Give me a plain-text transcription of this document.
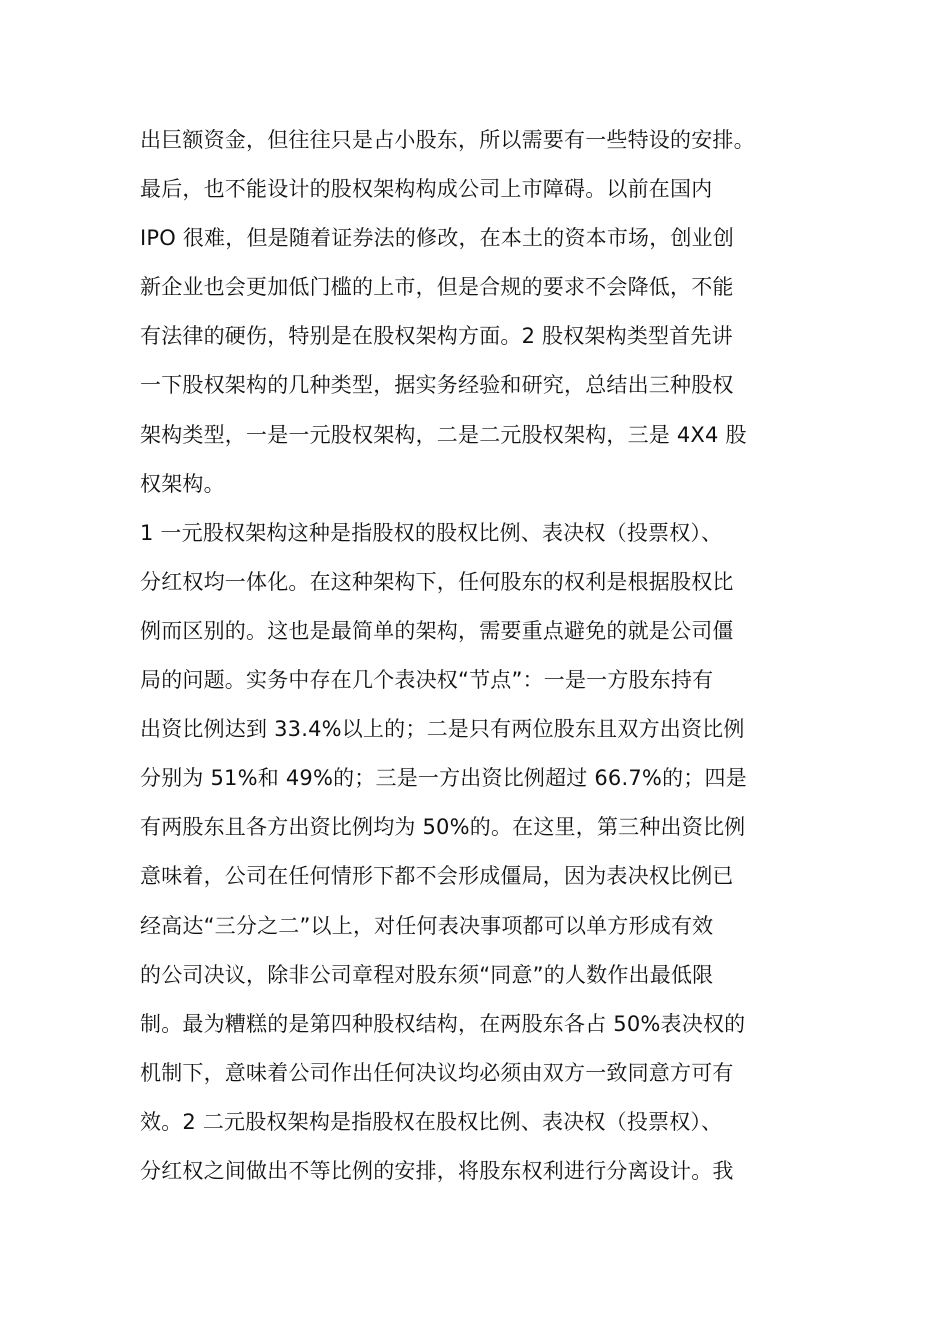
出巨额资金，但往往只是占小股东，所以需要有一些特设的安排。
最后，也不能设计的股权架构构成公司上市障碍。以前在国内
IPO 很难，但是随着证券法的修改，在本土的资本市场，创业创
新企业也会更加低门槛的上市，但是合规的要求不会降低，不能
有法律的硬伤，特别是在股权架构方面。2 股权架构类型首先讲
一下股权架构的几种类型，据实务经验和研究，总结出三种股权
架构类型，一是一元股权架构，二是二元股权架构，三是 4X4 股
权架构。
1 一元股权架构这种是指股权的股权比例、表决权（投票权）、
分红权均一体化。在这种架构下，任何股东的权利是根据股权比
例而区别的。这也是最简单的架构，需要重点避免的就是公司僵
局的问题。实务中存在几个表决权“节点”：一是一方股东持有
出资比例达到 33.4%以上的；二是只有两位股东且双方出资比例
分别为 51%和 49%的；三是一方出资比例超过 66.7%的；四是
有两股东且各方出资比例均为 50%的。在这里，第三种出资比例
意味着，公司在任何情形下都不会形成僵局，因为表决权比例已
经高达“三分之二”以上，对任何表决事项都可以单方形成有效
的公司决议，除非公司章程对股东须“同意”的人数作出最低限
制。最为糟糕的是第四种股权结构，在两股东各占 50%表决权的
机制下，意味着公司作出任何决议均必须由双方一致同意方可有
效。2 二元股权架构是指股权在股权比例、表决权（投票权）、
分红权之间做出不等比例的安排，将股东权利进行分离设计。我
